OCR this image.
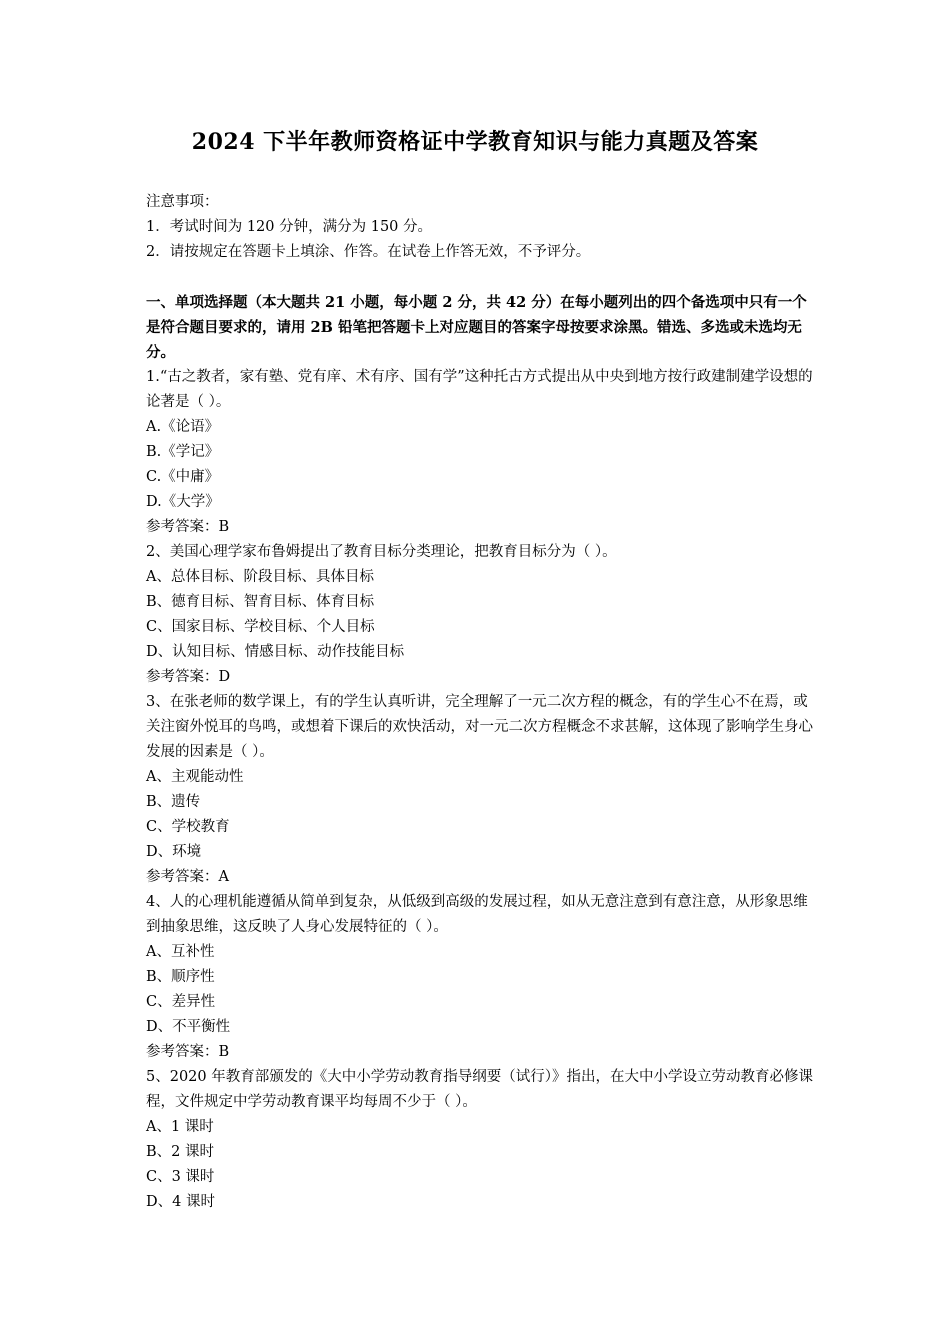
2024 下半年教师资格证中学教育知识与能力真题及答案
注意事项：
1．考试时间为 120 分钟，满分为 150 分。
2．请按规定在答题卡上填涂、作答。在试卷上作答无效，不予评分。
一、单项选择题（本大题共 21 小题，每小题 2 分，共 42 分）在每小题列出的四个备选项中只有一个是符合题目要求的，请用 2B 铅笔把答题卡上对应题目的答案字母按要求涂黑。错选、多选或未选均无分。
1.“古之教者，家有塾、党有庠、术有序、国有学”这种托古方式提出从中央到地方按行政建制建学设想的论著是（ ）。
A.《论语》
B.《学记》
C.《中庸》
D.《大学》
参考答案：B
2、美国心理学家布鲁姆提出了教育目标分类理论，把教育目标分为（ ）。
A、总体目标、阶段目标、具体目标
B、德育目标、智育目标、体育目标
C、国家目标、学校目标、个人目标
D、认知目标、情感目标、动作技能目标
参考答案：D
3、在张老师的数学课上，有的学生认真听讲，完全理解了一元二次方程的概念，有的学生心不在焉，或关注窗外悦耳的鸟鸣，或想着下课后的欢快活动，对一元二次方程概念不求甚解，这体现了影响学生身心发展的因素是（ ）。
A、主观能动性
B、遗传
C、学校教育
D、环境
参考答案：A
4、人的心理机能遵循从简单到复杂，从低级到高级的发展过程，如从无意注意到有意注意，从形象思维到抽象思维，这反映了人身心发展特征的（ ）。
A、互补性
B、顺序性
C、差异性
D、不平衡性
参考答案：B
5、2020 年教育部颁发的《大中小学劳动教育指导纲要（试行）》指出，在大中小学设立劳动教育必修课程，文件规定中学劳动教育课平均每周不少于（ ）。
A、1 课时
B、2 课时
C、3 课时
D、4 课时
